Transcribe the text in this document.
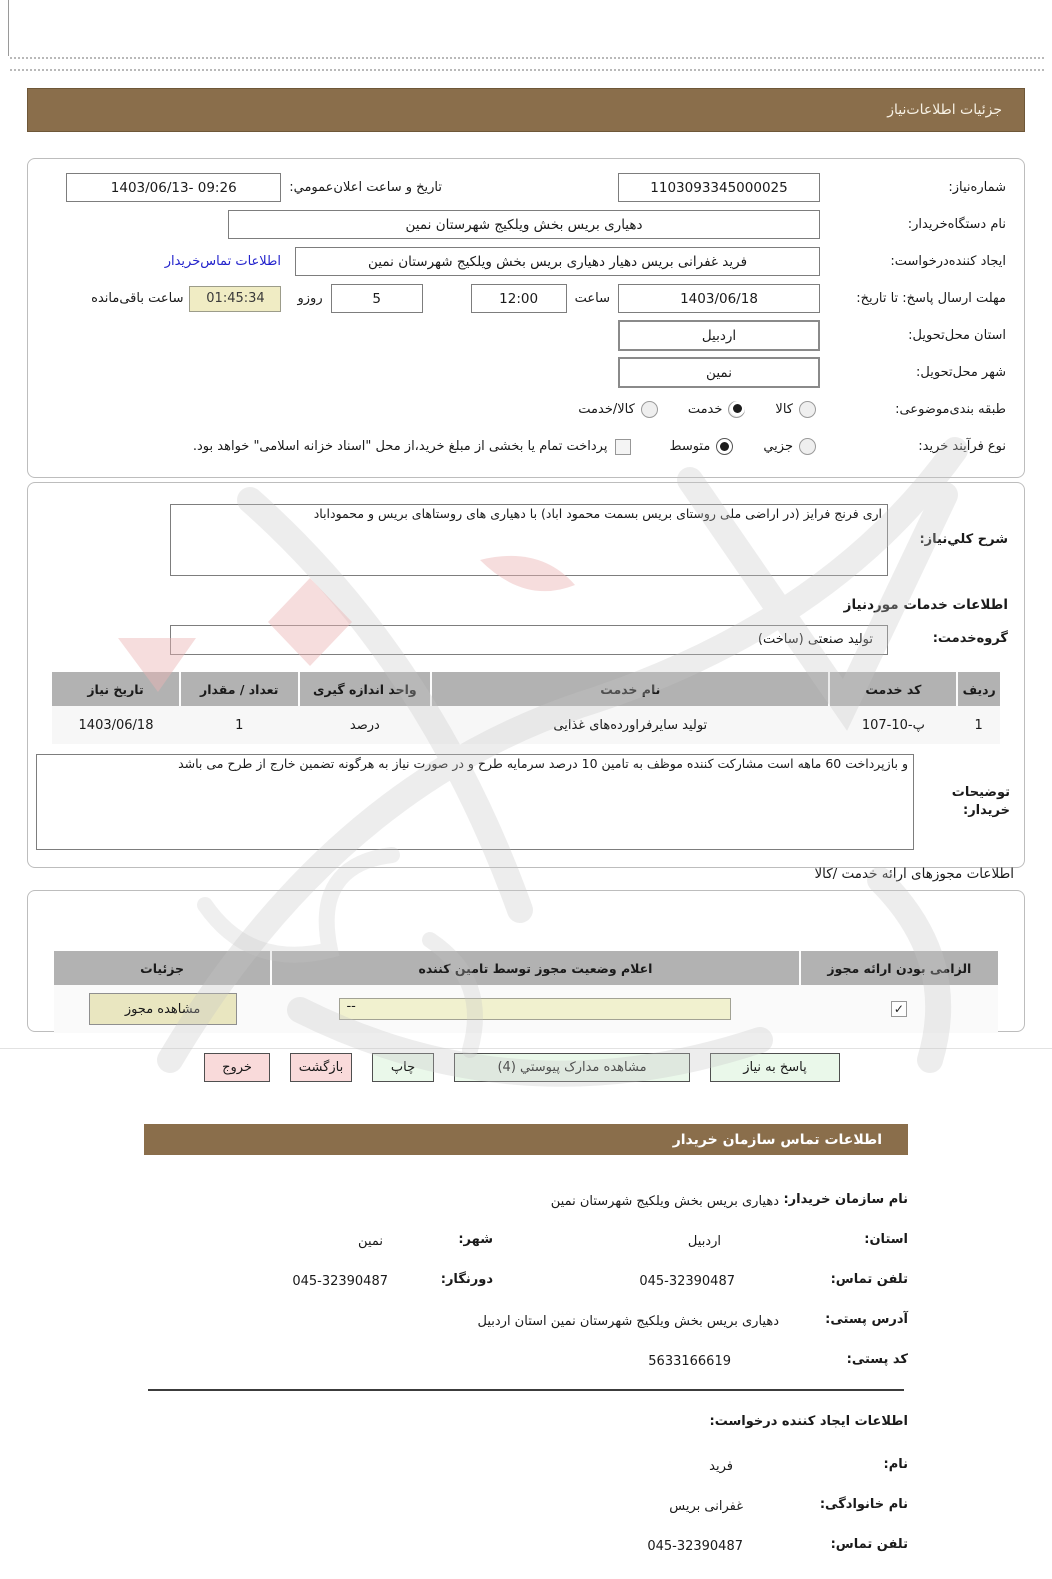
جزئیات اطلاعات‌نیاز
شماره‌نیاز:
1103093345000025
تاریخ و ساعت اعلان‌عمومي:
1403/06/13- 09:26
نام دستگاه‌خریدار:
دهیاری بریس بخش ویلکیج شهرستان نمین
ایجاد کننده‌درخواست:
فرید غفرانی بریس دهیار دهیاری بریس بخش ویلکیج شهرستان نمین
اطلاعات تماس‌خریدار
مهلت ارسال پاسخ: تا تاریخ:
1403/06/18
ساعت
12:00
5
روزو
01:45:34
ساعت باقی‌مانده
استان محل‌تحویل:
اردبیل
شهر محل‌تحویل:
نمین
طبقه بندی‌موضوعی:
کالا
خدمت
کالا/خدمت
نوع فرآیند خرید:
جزیي
متوسط
پرداخت تمام یا بخشی از مبلغ خرید،از محل "اسناد خزانه اسلامی" خواهد بود.
شرح کلي‌نیاز:
اری فرنج فرایز (در اراضی ملی روستای بریس بسمت محمود اباد) با دهیاری های روستاهای بریس و محموداباد
اطلاعات خدمات موردنیاز
گروه‌خدمت:
تولید صنعتی (ساخت)
ردیف	کد خدمت	نام خدمت	واحد اندازه گیری	تعداد / مقدار	تاریخ نیاز
1	پ-10-107	تولید سایرفراورده‌های غذایی	درصد	1	1403/06/18
توضیحات خریدار:
و بازپرداخت 60 ماهه است مشارکت کننده موظف به تامین 10 درصد سرمایه طرح و در صورت نیاز به هرگونه تضمین خارج از طرح می باشد
اطلاعات مجوزهای ارائه خدمت /کالا
الزامی بودن ارائه مجوز	اعلام وضعیت مجوز توسط تامین کننده	جزئیات

✓	--	مشاهده مجوز
پاسخ به نیاز
مشاهده مدارک پیوستي (4)
چاپ
بازگشت
خروج
اطلاعات تماس سازمان خریدار
نام سازمان خریدار:
دهیاری بریس بخش ویلکیج شهرستان نمین
استان:
اردبیل
شهر:
نمین
تلفن تماس:
045-32390487
دورنگار:
045-32390487
آدرس پستی:
دهیاری بریس بخش ویلکیج شهرستان نمین استان اردبیل
کد پستی:
5633166619
اطلاعات ایجاد کننده درخواست:
نام:
فرید
نام خانوادگی:
غفرانی بریس
تلفن تماس:
045-32390487
